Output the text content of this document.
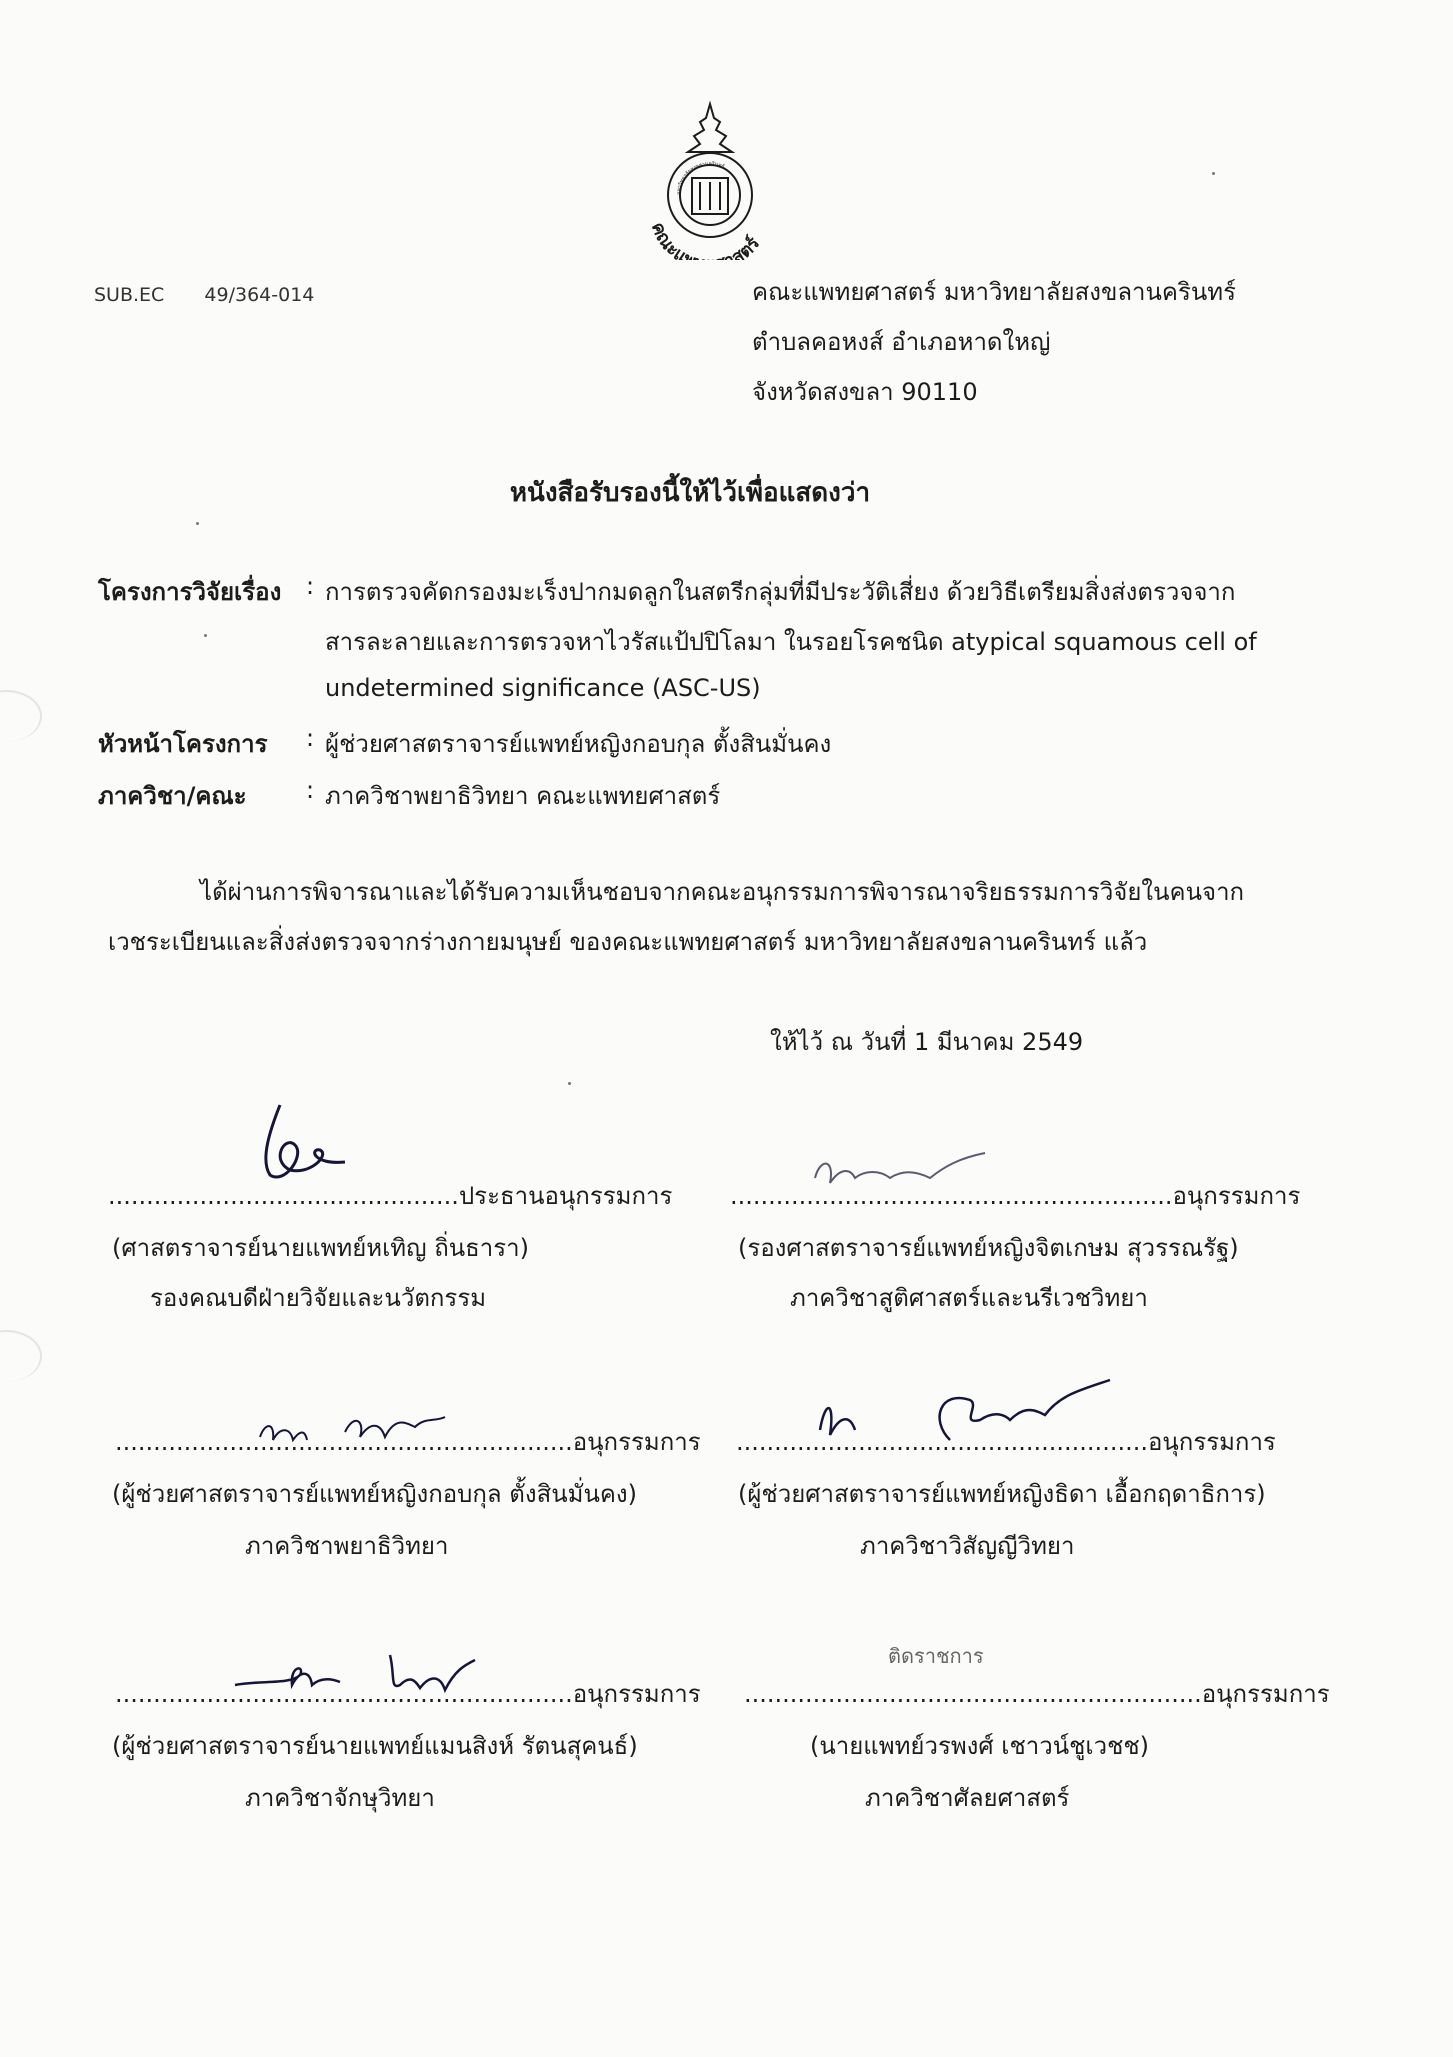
คณะแ สตร์
มหาวิทยาลัยสงขลานครินทร์
SUB.EC 49/364-014	คณะแพทยศาสตร์ มหาวิทยาลัยสงขลานครินทร์
ตำบลคอหงส์ อำเภอหาดใหญ่
จังหวัดสงขลา 90110
หนังสือรับรองนี้ให้ไว้เพื่อแสดงว่า
โครงการวิจัยเรื่อง : การตรวจคัดกรองมะเร็งปากมดลูกในสตรีกลุ่มที่มีประวัติเสี่ยง ด้วยวิธีเตรียมสิ่งส่งตรวจจาก
สารละลายและการตรวจหาไวรัสแป้ปปิโลมา ในรอยโรคชนิด atypical squamous cell of
undetermined significance (ASC-US)
หัวหน้าโครงการ : ผู้ช่วยศาสตราจารย์แพทย์หญิงกอบกุล ตั้งสินมั่นคง
ภาควิชา/คณะ : ภาควิชาพยาธิวิทยา คณะแพทยศาสตร์
ได้ผ่านการพิจารณาและได้รับความเห็นชอบจากคณะอนุกรรมการพิจารณาจริยธรรมการวิจัยในคนจาก
เวชระเบียนและสิ่งส่งตรวจจากร่างกายมนุษย์ ของคณะแพทยศาสตร์ มหาวิทยาลัยสงขลานครินทร์ แล้ว
ให้ไว้ ณ วันที่ 1 มีนาคม 2549
..............................................ประธานอนุกรรมการ
(ศาสตราจารย์นายแพทย์หเทิญ ถิ่นธารา)
รองคณบดีฝ่ายวิจัยและนวัตกรรม
..........................................................อนุกรรมการ
(รองศาสตราจารย์แพทย์หญิงจิตเกษม สุวรรณรัฐ)
ภาควิชาสูติศาสตร์และนรีเวชวิทยา
............................................................อนุกรรมการ
(ผู้ช่วยศาสตราจารย์แพทย์หญิงกอบกุล ตั้งสินมั่นคง)
ภาควิชาพยาธิวิทยา
......................................................อนุกรรมการ
(ผู้ช่วยศาสตราจารย์แพทย์หญิงธิดา เอื้อกฤดาธิการ)
ภาควิชาวิสัญญีวิทยา
............................................................อนุกรรมการ
(ผู้ช่วยศาสตราจารย์นายแพทย์แมนสิงห์ รัตนสุคนธ์)
ภาควิชาจักษุวิทยา
ติดราชการ
............................................................อนุกรรมการ
(นายแพทย์วรพงศ์ เชาวน์ชูเวชช)
ภาควิชาศัลยศาสตร์
